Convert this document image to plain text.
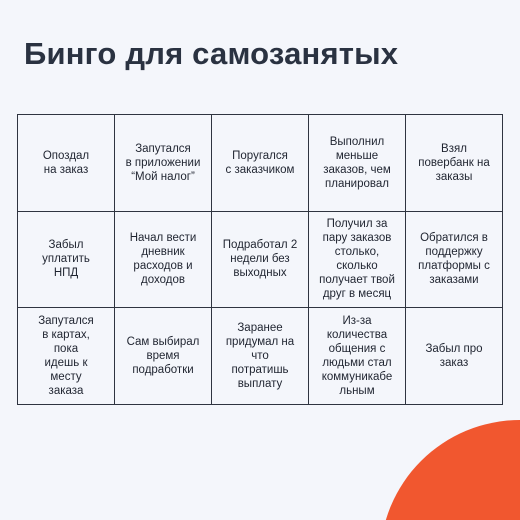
Бинго для самозанятых
Опоздал
на заказ
Запутался
в приложении
“Мой налог”
Поругался
с заказчиком
Выполнил
меньше
заказов, чем
планировал
Взял
повербанк на
заказы
Забыл
уплатить
НПД
Начал вести
дневник
расходов и
доходов
Подработал 2
недели без
выходных
Получил за
пару заказов
столько,
сколько
получает твой
друг в месяц
Обратился в
поддержку
платформы с
заказами
Запутался
в картах,
пока
идешь к
месту
заказа
Сам выбирал
время
подработки
Заранее
придумал на
что
потратишь
выплату
Из-за
количества
общения с
людьми стал
коммуникабе
льным
Забыл про
заказ
